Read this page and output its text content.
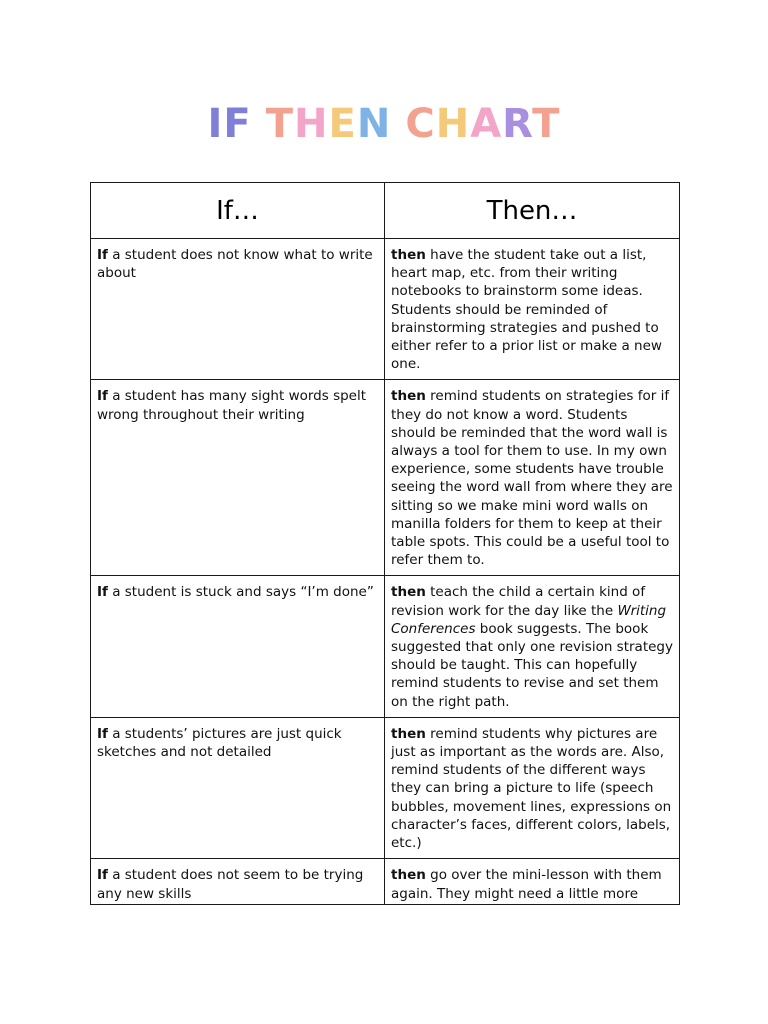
IF THEN CHART
If…	Then…
If a student does not know what to write about	then have the student take out a list, heart map, etc. from their writing notebooks to brainstorm some ideas. Students should be reminded of brainstorming strategies and pushed to either refer to a prior list or make a new one.
If a student has many sight words spelt wrong throughout their writing	then remind students on strategies for if they do not know a word. Students should be reminded that the word wall is always a tool for them to use. In my own experience, some students have trouble seeing the word wall from where they are sitting so we make mini word walls on manilla folders for them to keep at their table spots. This could be a useful tool to refer them to.
If a student is stuck and says “I’m done”	then teach the child a certain kind of revision work for the day like the Writing Conferences book suggests. The book suggested that only one revision strategy should be taught. This can hopefully remind students to revise and set them on the right path.
If a students’ pictures are just quick sketches and not detailed	then remind students why pictures are just as important as the words are. Also, remind students of the different ways they can bring a picture to life (speech bubbles, movement lines, expressions on character’s faces, different colors, labels, etc.)
If a student does not seem to be trying any new skills	then go over the mini-lesson with them again. They might need a little more
